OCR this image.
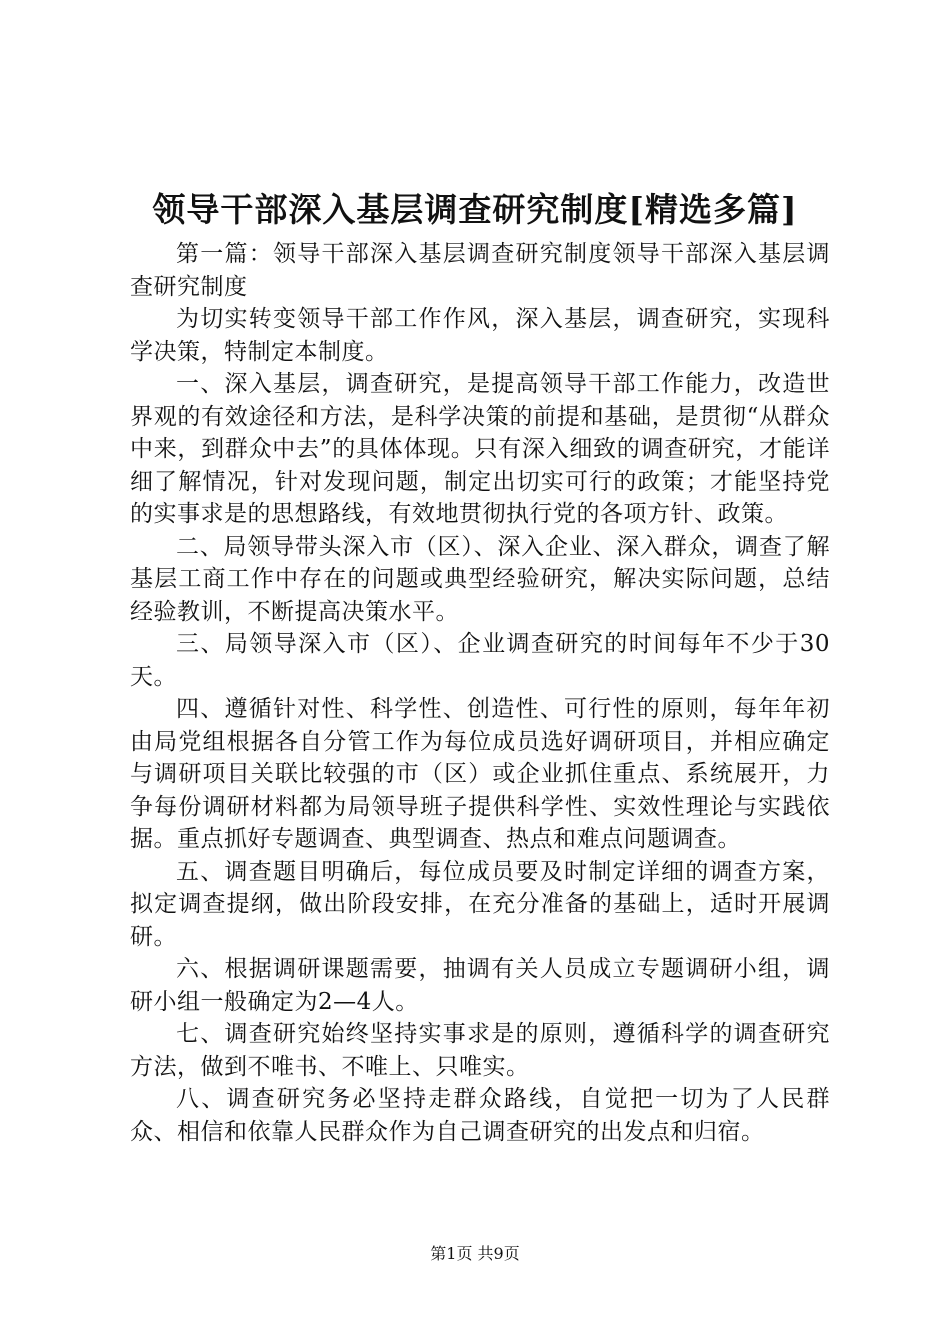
领导干部深入基层调查研究制度[精选多篇]

第一篇：领导干部深入基层调查研究制度领导干部深入基层调查研究制度

为切实转变领导干部工作作风，深入基层，调查研究，实现科学决策，特制定本制度。

一、深入基层，调查研究，是提高领导干部工作能力，改造世界观的有效途径和方法，是科学决策的前提和基础，是贯彻“从群众中来，到群众中去”的具体体现。只有深入细致的调查研究，才能详细了解情况，针对发现问题，制定出切实可行的政策；才能坚持党的实事求是的思想路线，有效地贯彻执行党的各项方针、政策。

二、局领导带头深入市（区）、深入企业、深入群众，调查了解基层工商工作中存在的问题或典型经验研究，解决实际问题，总结经验教训，不断提高决策水平。

三、局领导深入市（区）、企业调查研究的时间每年不少于30天。

四、遵循针对性、科学性、创造性、可行性的原则，每年年初由局党组根据各自分管工作为每位成员选好调研项目，并相应确定与调研项目关联比较强的市（区）或企业抓住重点、系统展开，力争每份调研材料都为局领导班子提供科学性、实效性理论与实践依据。重点抓好专题调查、典型调查、热点和难点问题调查。

五、调查题目明确后，每位成员要及时制定详细的调查方案，拟定调查提纲，做出阶段安排，在充分准备的基础上，适时开展调研。

六、根据调研课题需要，抽调有关人员成立专题调研小组，调研小组一般确定为2—4人。

七、调查研究始终坚持实事求是的原则，遵循科学的调查研究方法，做到不唯书、不唯上、只唯实。

八、调查研究务必坚持走群众路线，自觉把一切为了人民群众、相信和依靠人民群众作为自己调查研究的出发点和归宿。

第1页 共9页
